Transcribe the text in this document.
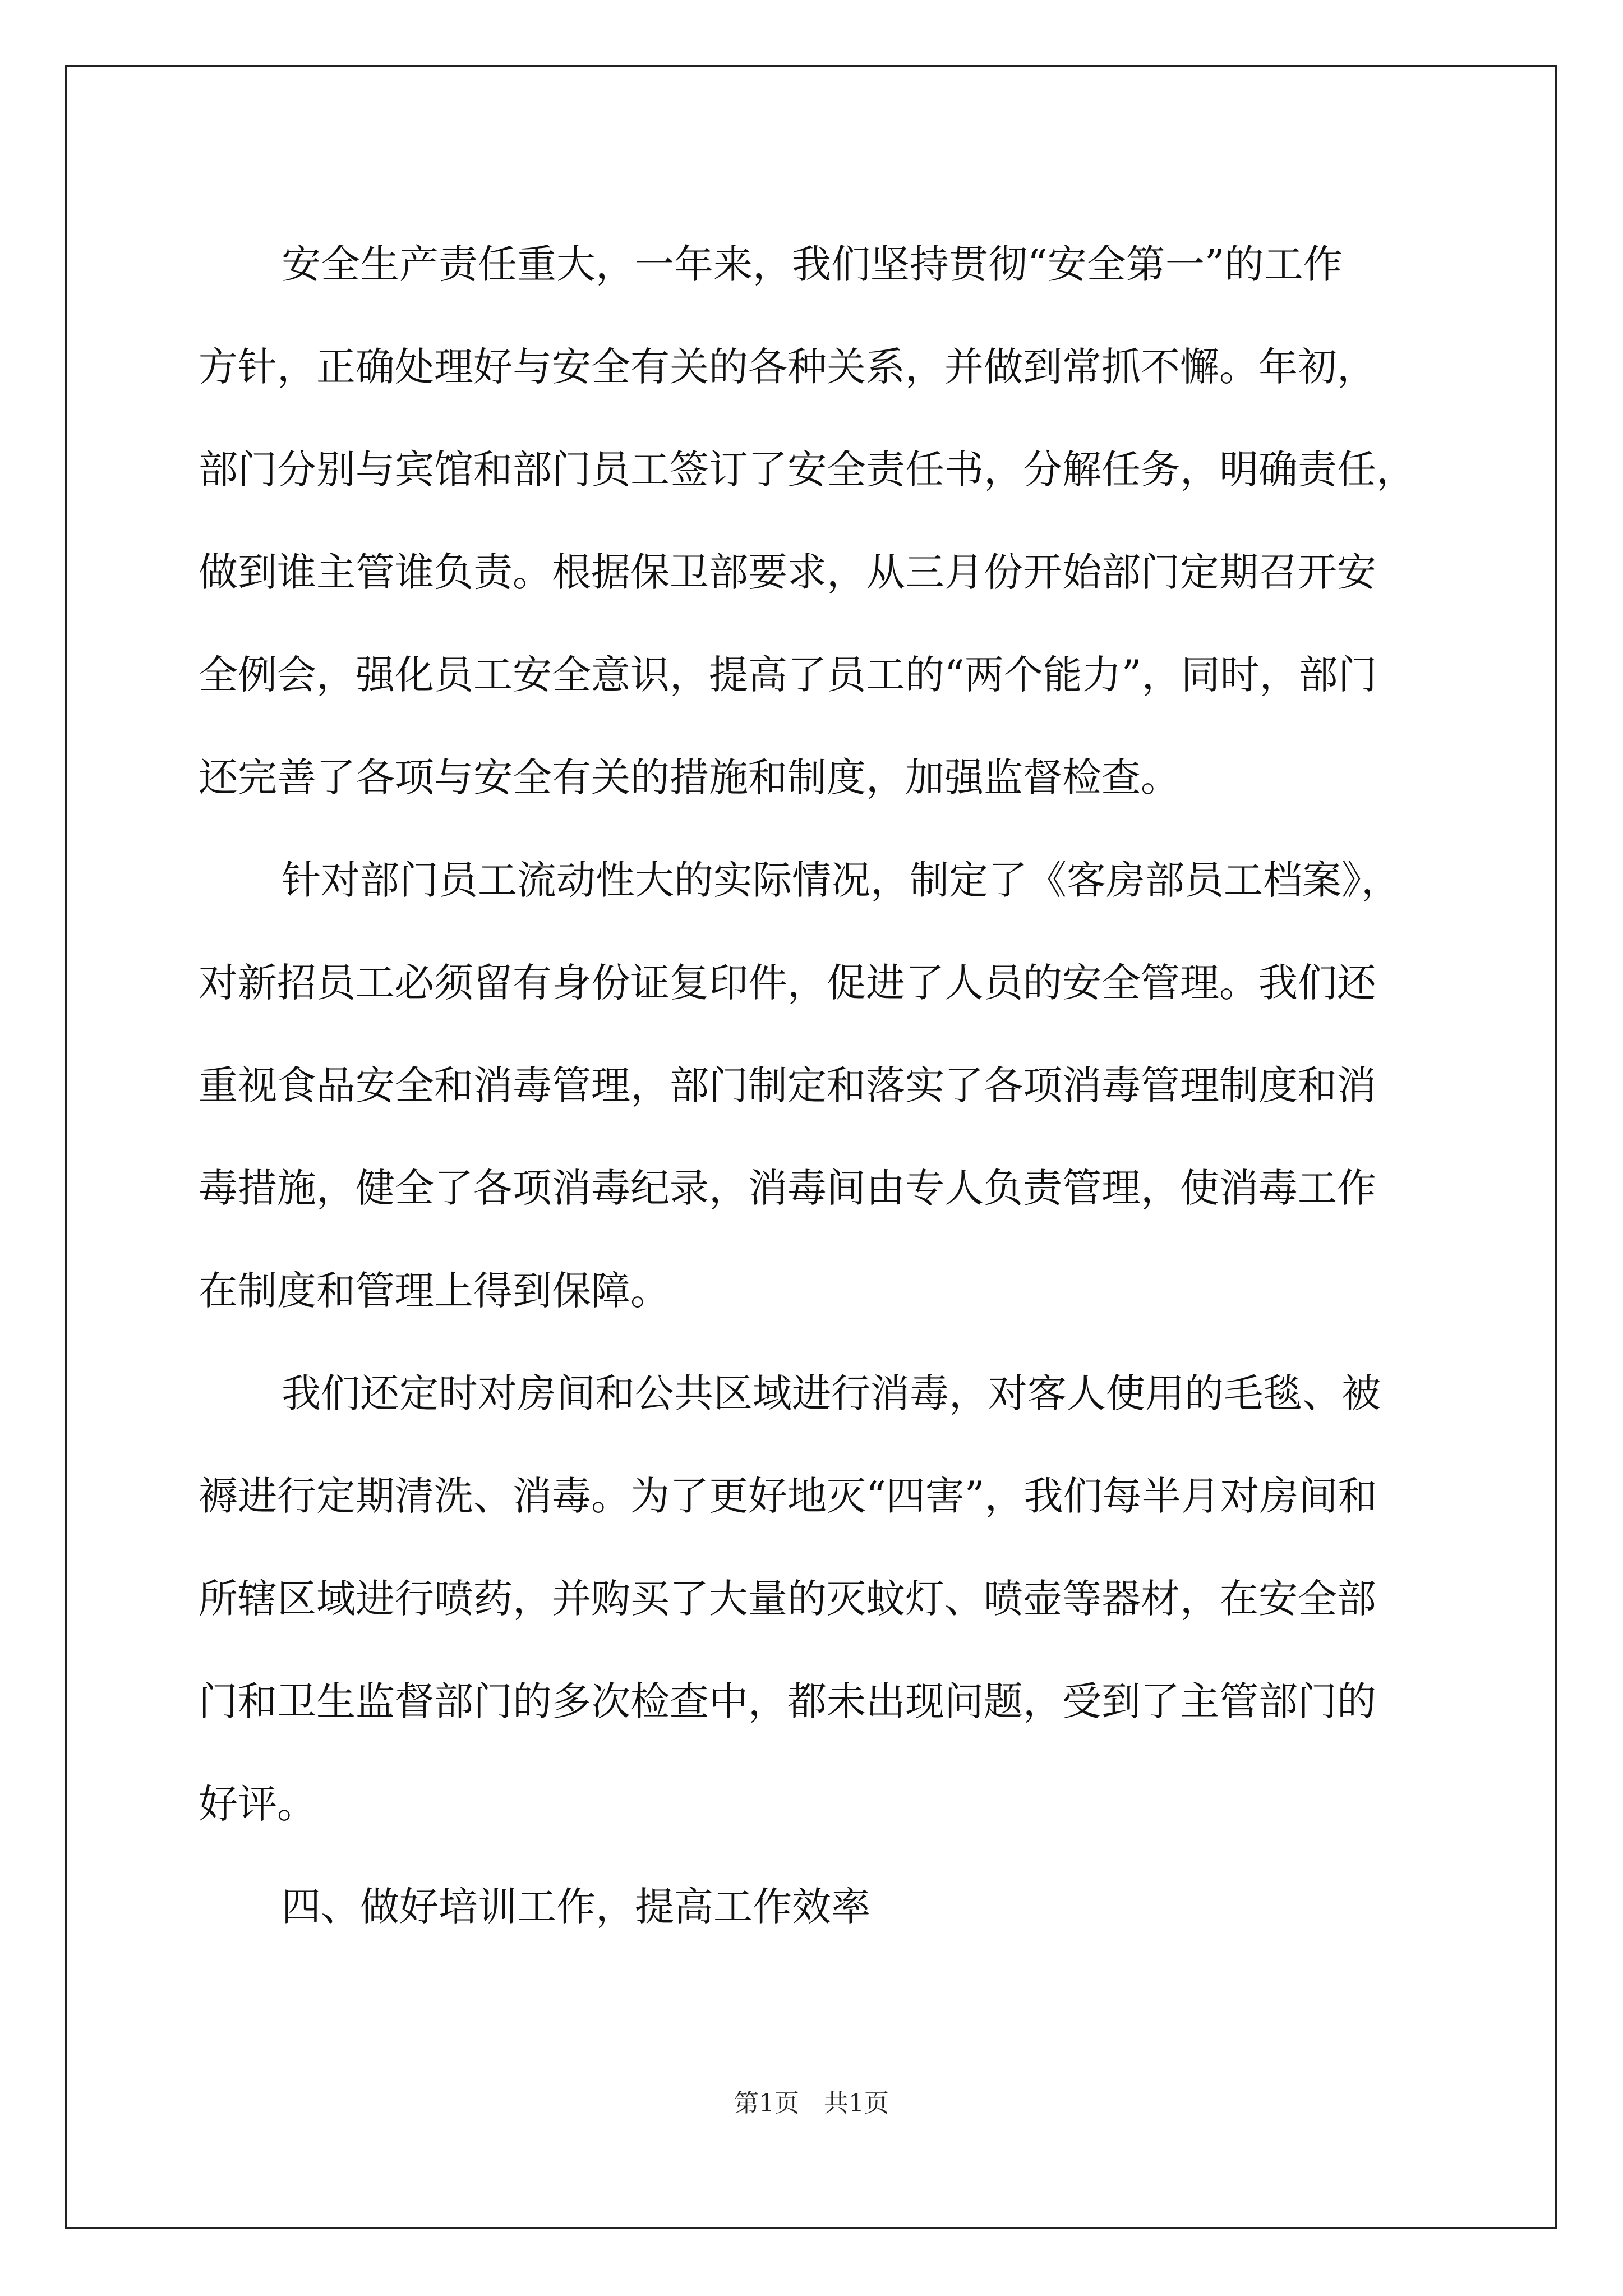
安全生产责任重大，一年来，我们坚持贯彻“安全第一”的工作
方针，正确处理好与安全有关的各种关系，并做到常抓不懈。年初，
部门分别与宾馆和部门员工签订了安全责任书，分解任务，明确责任，
做到谁主管谁负责。根据保卫部要求，从三月份开始部门定期召开安
全例会，强化员工安全意识，提高了员工的“两个能力”，同时，部门
还完善了各项与安全有关的措施和制度，加强监督检查。
针对部门员工流动性大的实际情况，制定了《客房部员工档案》，
对新招员工必须留有身份证复印件，促进了人员的安全管理。我们还
重视食品安全和消毒管理，部门制定和落实了各项消毒管理制度和消
毒措施，健全了各项消毒纪录，消毒间由专人负责管理，使消毒工作
在制度和管理上得到保障。
我们还定时对房间和公共区域进行消毒，对客人使用的毛毯、被
褥进行定期清洗、消毒。为了更好地灭“四害”，我们每半月对房间和
所辖区域进行喷药，并购买了大量的灭蚊灯、喷壶等器材，在安全部
门和卫生监督部门的多次检查中，都未出现问题，受到了主管部门的
好评。
四、做好培训工作，提高工作效率
第1页 共1页
